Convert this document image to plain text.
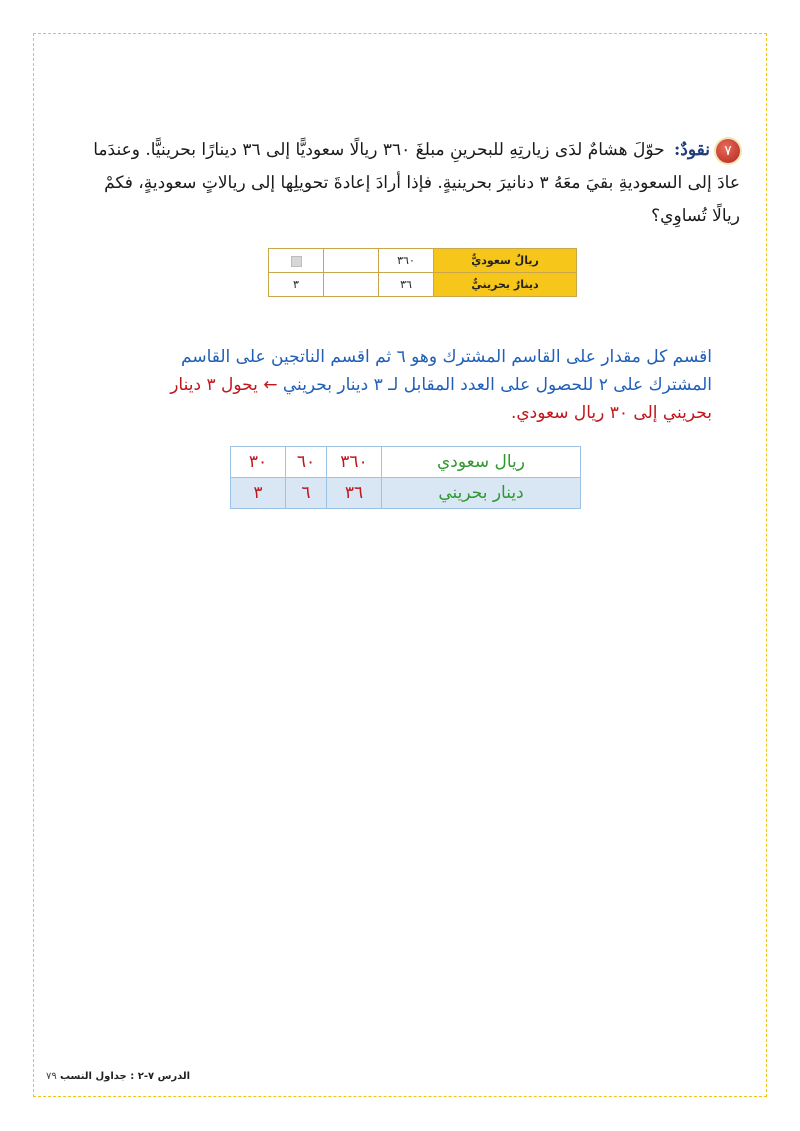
٧نقودٌ: حوّلَ هشامٌ لدَى زيارتِهِ للبحرينِ مبلغَ ٣٦٠ ريالًا سعوديًّا إلى ٣٦ دينارًا بحرينيًّا. وعندَما عادَ إلى السعوديةِ بقيَ معَهُ ٣ دنانيرَ بحرينيةٍ. فإذا أرادَ إعادةَ تحويلِها إلى ريالاتٍ سعوديةٍ، فكمْ ريالًا تُساوِي؟
ريالٌ سعوديٌّ	٣٦٠		
دينارٌ بحرينيٌّ	٣٦		٣
اقسم كل مقدار على القاسم المشترك وهو ٦ ثم اقسم الناتجين على القاسم المشترك على ٢ للحصول على العدد المقابل لـ ٣ دينار بحريني ← يحول ٣ دينار بحريني إلى ٣٠ ريال سعودي.
ريال سعودي	٣٦٠	٦٠	٣٠
دينار بحريني	٣٦	٦	٣
الدرس ٧-٢ : جداول النسب ٧٩
